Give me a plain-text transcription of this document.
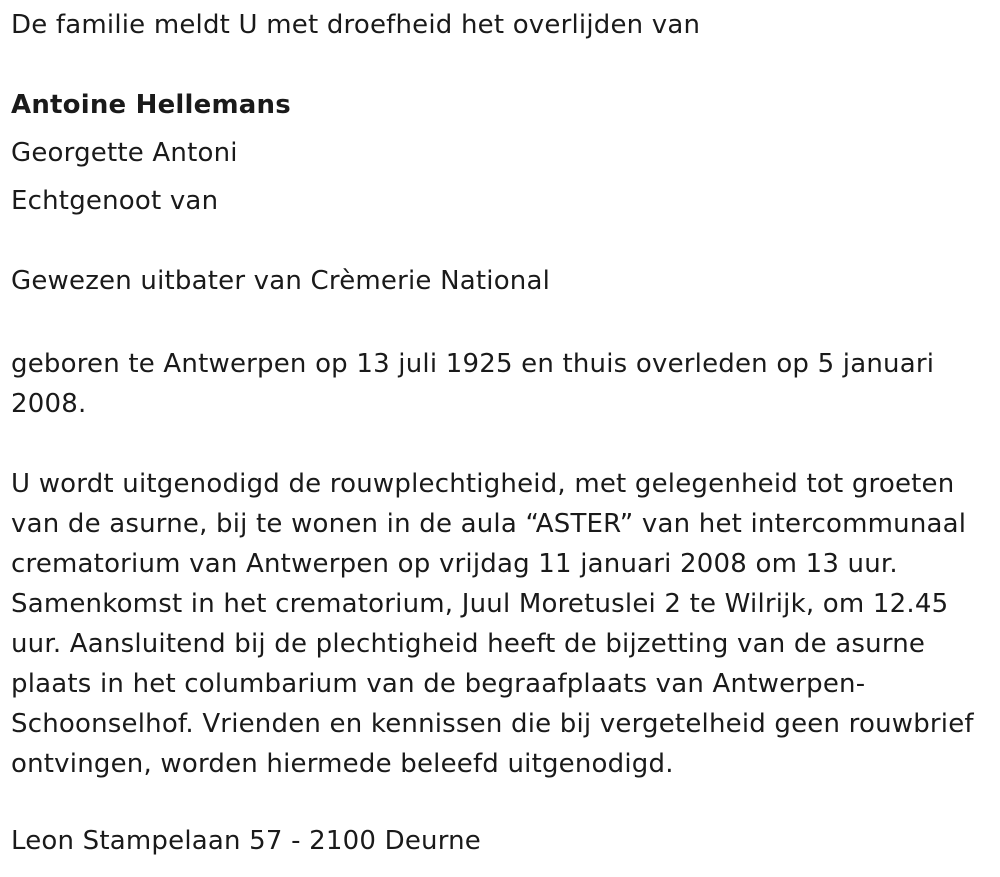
De familie meldt U met droefheid het overlijden van

Antoine Hellemans

Georgette Antoni

Echtgenoot van

Gewezen uitbater van Crèmerie National

geboren te Antwerpen op 13 juli 1925 en thuis overleden op 5 januari 2008.

U wordt uitgenodigd de rouwplechtigheid, met gelegenheid tot groeten van de asurne, bij te wonen in de aula “ASTER” van het intercommunaal crematorium van Antwerpen op vrijdag 11 januari 2008 om 13 uur. Samenkomst in het crematorium, Juul Moretuslei 2 te Wilrijk, om 12.45 uur. Aansluitend bij de plechtigheid heeft de bijzetting van de asurne plaats in het columbarium van de begraafplaats van Antwerpen-Schoonselhof. Vrienden en kennissen die bij vergetelheid geen rouwbrief ontvingen, worden hiermede beleefd uitgenodigd.

Leon Stampelaan 57 - 2100 Deurne
